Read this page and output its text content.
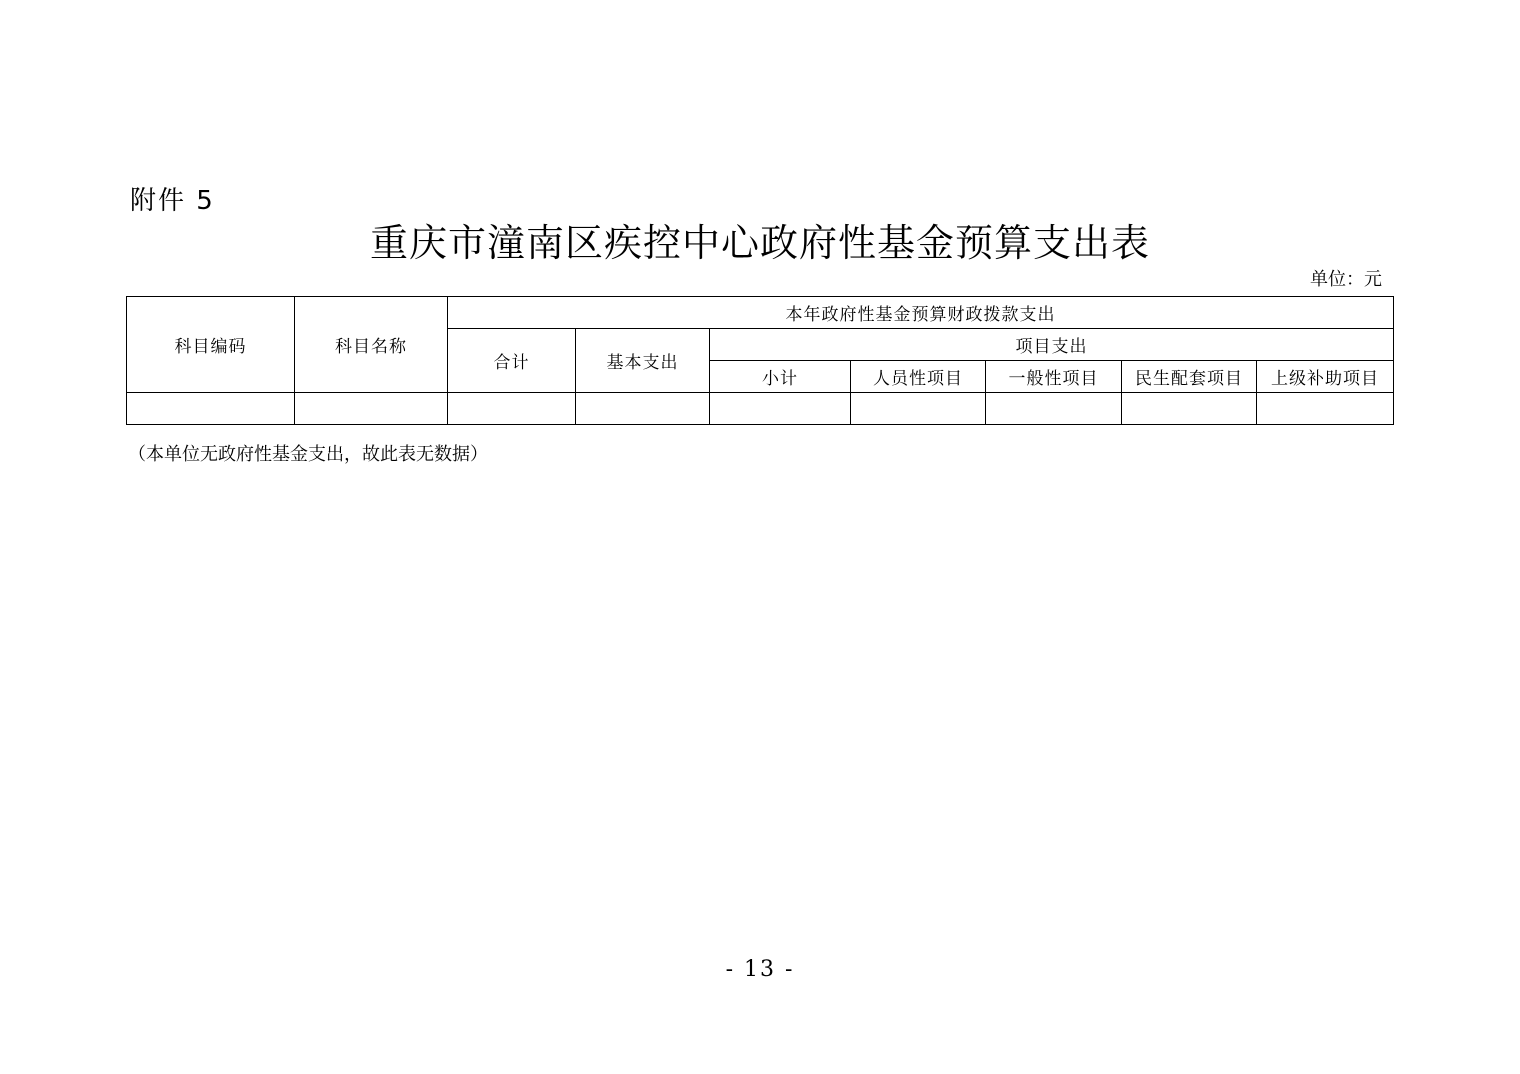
附件 5
重庆市潼南区疾控中心政府性基金预算支出表
单位：元
科目编码	科目名称	本年政府性基金预算财政拨款支出						
		合计	基本支出	项目支出				
				小计	人员性项目	一般性项目	民生配套项目	上级补助项目

（本单位无政府性基金支出，故此表无数据）
- 13 -
